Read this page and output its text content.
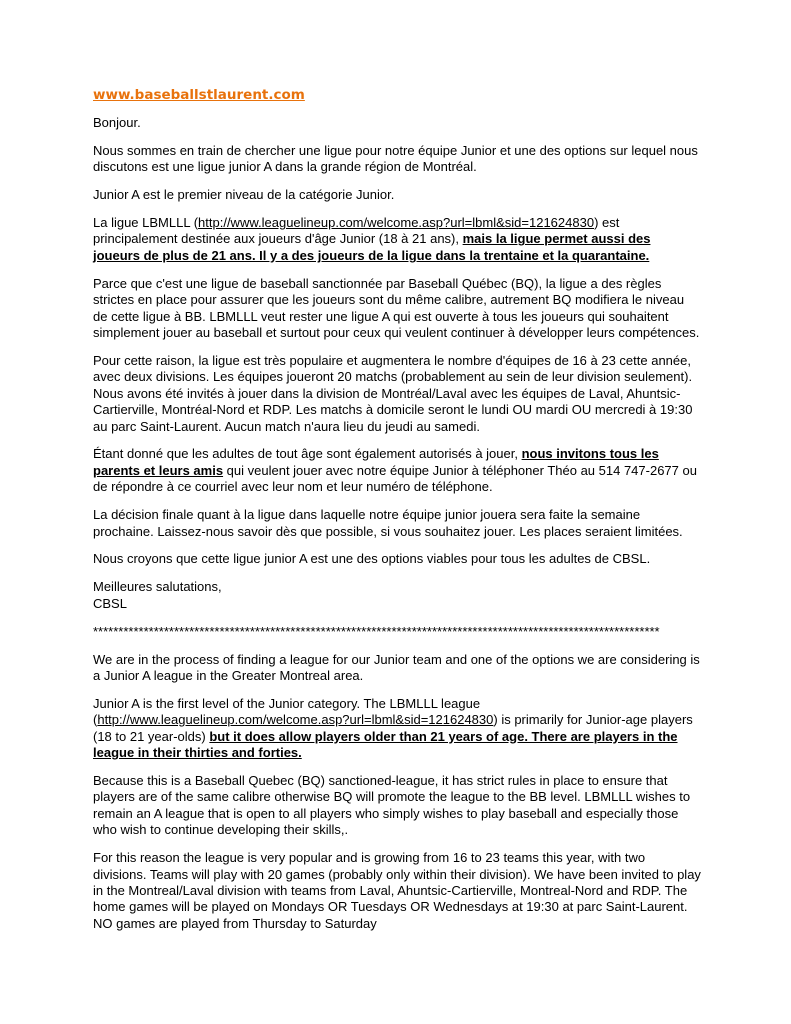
www.baseballstlaurent.com

Bonjour.

Nous sommes en train de chercher une ligue pour notre équipe Junior et une des options sur lequel nous discutons est une ligue junior A dans la grande région de Montréal.

Junior A est le premier niveau de la catégorie Junior.

La ligue LBMLLL (http://www.leaguelineup.com/welcome.asp?url=lbml&sid=121624830) est principalement destinée aux joueurs d'âge Junior (18 à 21 ans), mais la ligue permet aussi des joueurs de plus de 21 ans. Il y a des joueurs de la ligue dans la trentaine et la quarantaine.

Parce que c'est une ligue de baseball sanctionnée par Baseball Québec (BQ), la ligue a des règles strictes en place pour assurer que les joueurs sont du même calibre, autrement BQ modifiera le niveau de cette ligue à BB. LBMLLL veut rester une ligue A qui est ouverte à tous les joueurs qui souhaitent simplement jouer au baseball et surtout pour ceux qui veulent continuer à développer leurs compétences.

Pour cette raison, la ligue est très populaire et augmentera le nombre d'équipes de 16 à 23 cette année, avec deux divisions. Les équipes joueront 20 matchs (probablement au sein de leur division seulement). Nous avons été invités à jouer dans la division de Montréal/Laval avec les équipes de Laval, Ahuntsic-Cartierville, Montréal-Nord et RDP. Les matchs à domicile seront le lundi OU mardi OU mercredi à 19:30 au parc Saint-Laurent. Aucun match n'aura lieu du jeudi au samedi.

Étant donné que les adultes de tout âge sont également autorisés à jouer, nous invitons tous les parents et leurs amis qui veulent jouer avec notre équipe Junior à téléphoner Théo au 514 747-2677 ou de répondre à ce courriel avec leur nom et leur numéro de téléphone.

La décision finale quant à la ligue dans laquelle notre équipe junior jouera sera faite la semaine prochaine. Laissez-nous savoir dès que possible, si vous souhaitez jouer. Les places seraient limitées.

Nous croyons que cette ligue junior A est une des options viables pour tous les adultes de CBSL.

Meilleures salutations,
CBSL

****************************************************************************************************************

We are in the process of finding a league for our Junior team and one of the options we are considering is a Junior A league in the Greater Montreal area.

Junior A is the first level of the Junior category. The LBMLLL league (http://www.leaguelineup.com/welcome.asp?url=lbml&sid=121624830) is primarily for Junior-age players (18 to 21 year-olds) but it does allow players older than 21 years of age. There are players in the league in their thirties and forties.

Because this is a Baseball Quebec (BQ) sanctioned-league, it has strict rules in place to ensure that players are of the same calibre otherwise BQ will promote the league to the BB level. LBMLLL wishes to remain an A league that is open to all players who simply wishes to play baseball and especially those who wish to continue developing their skills,.

For this reason the league is very popular and is growing from 16 to 23 teams this year, with two divisions. Teams will play with 20 games (probably only within their division). We have been invited to play in the Montreal/Laval division with teams from Laval, Ahuntsic-Cartierville, Montreal-Nord and RDP. The home games will be played on Mondays OR Tuesdays OR Wednesdays at 19:30 at parc Saint-Laurent. NO games are played from Thursday to Saturday
